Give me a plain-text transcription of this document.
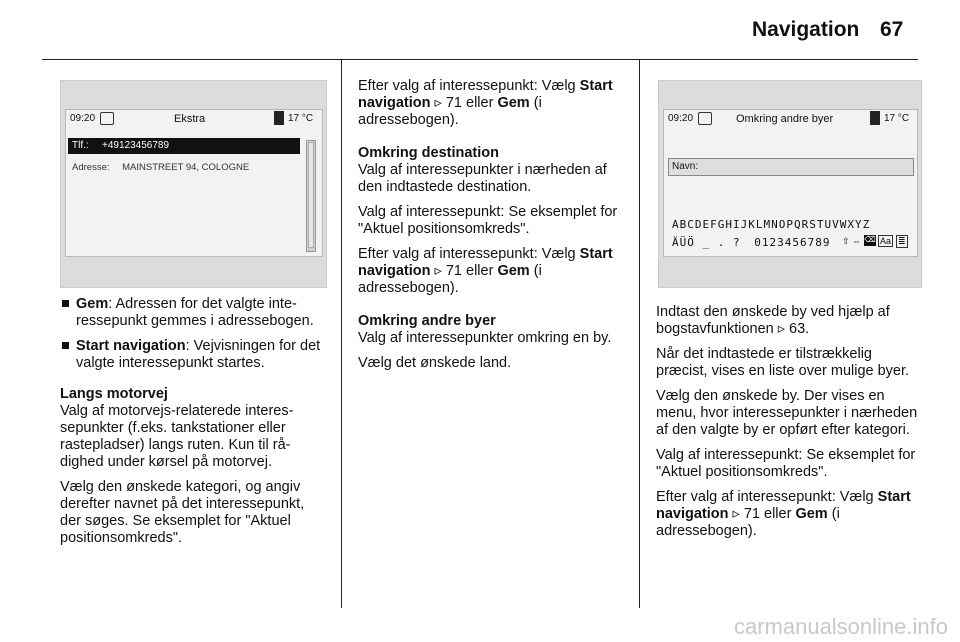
Navigation 67
09:20	Ekstra	17 °C
Tlf.: +49123456789
Adresse: MAINSTREET 94, COLOGNE
09:20	Omkring andre byer	17 °C
Navn:
ABCDEFGHIJKLMNOPQRSTUVWXYZ
ÄÜÖ _ . ? 0123456789 ⇧ ⇔ ⌫ Aa ≣
Gem: Adressen for det valgte interessepunkt gemmes i adressebogen.
Start navigation: Vejvisningen for det valgte interessepunkt startes.

Langs motorvej

Valg af motorvejs-relaterede interessepunkter (f.eks. tankstationer eller rastepladser) langs ruten. Kun til rådighed under kørsel på motorvej.

Vælg den ønskede kategori, og angiv derefter navnet på det interessepunkt, der søges. Se eksemplet for "Aktuel positionsomkreds".

Efter valg af interessepunkt: Vælg Start navigation ▹ 71 eller Gem (i adressebogen).

Omkring destination

Valg af interessepunkter i nærheden af den indtastede destination.

Valg af interessepunkt: Se eksemplet for "Aktuel positionsomkreds".

Efter valg af interessepunkt: Vælg Start navigation ▹ 71 eller Gem (i adressebogen).

Omkring andre byer

Valg af interessepunkter omkring en by.

Vælg det ønskede land.

Indtast den ønskede by ved hjælp af bogstavfunktionen ▹ 63.

Når det indtastede er tilstrækkelig præcist, vises en liste over mulige byer.

Vælg den ønskede by. Der vises en menu, hvor interessepunkter i nærheden af den valgte by er opført efter kategori.

Valg af interessepunkt: Se eksemplet for "Aktuel positionsomkreds".

Efter valg af interessepunkt: Vælg Start navigation ▹ 71 eller Gem (i adressebogen).

carmanualsonline.info
